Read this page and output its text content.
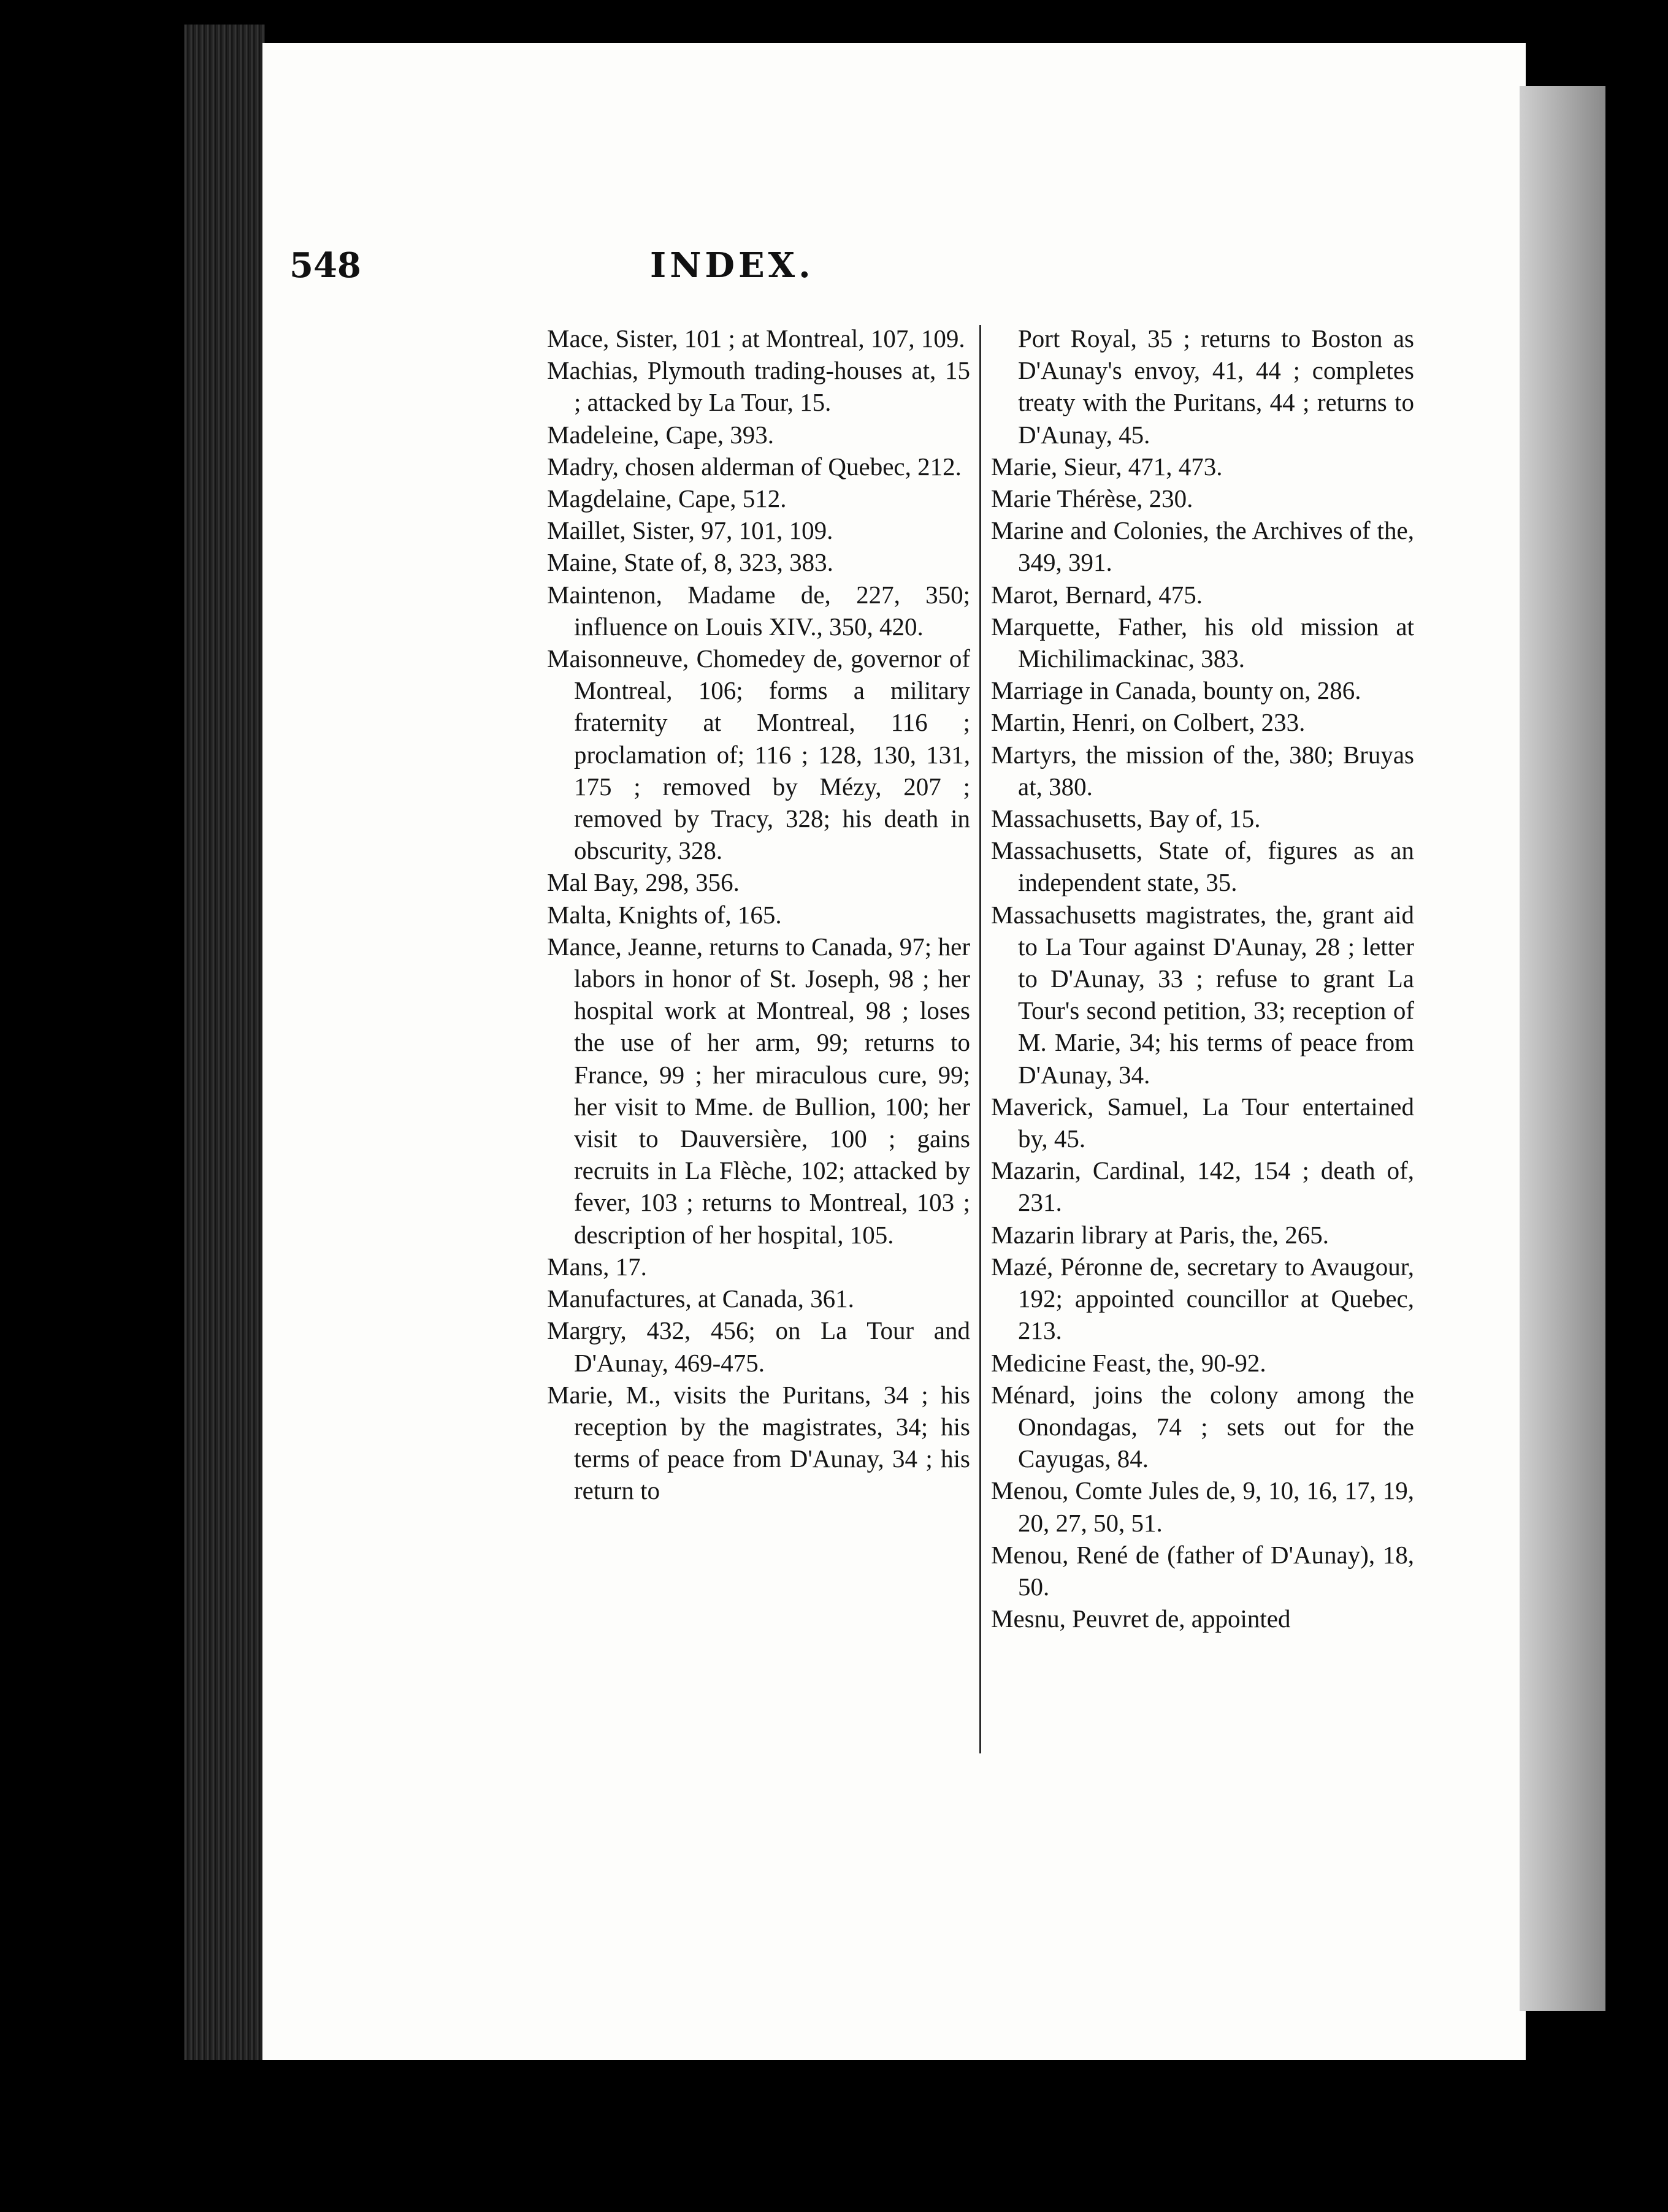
548	INDEX.

Mace, Sister, 101 ; at Montreal, 107, 109.

Machias, Plymouth trading-houses at, 15 ; attacked by La Tour, 15.

Madeleine, Cape, 393.

Madry, chosen alderman of Quebec, 212.

Magdelaine, Cape, 512.

Maillet, Sister, 97, 101, 109.

Maine, State of, 8, 323, 383.

Maintenon, Madame de, 227, 350; influence on Louis XIV., 350, 420.

Maisonneuve, Chomedey de, governor of Montreal, 106; forms a military fraternity at Montreal, 116 ; proclamation of; 116 ; 128, 130, 131, 175 ; removed by Mézy, 207 ; removed by Tracy, 328; his death in obscurity, 328.

Mal Bay, 298, 356.

Malta, Knights of, 165.

Mance, Jeanne, returns to Canada, 97; her labors in honor of St. Joseph, 98 ; her hospital work at Montreal, 98 ; loses the use of her arm, 99; returns to France, 99 ; her miraculous cure, 99; her visit to Mme. de Bullion, 100; her visit to Dauversière, 100 ; gains recruits in La Flèche, 102; attacked by fever, 103 ; returns to Montreal, 103 ; description of her hospital, 105.

Mans, 17.

Manufactures, at Canada, 361.

Margry, 432, 456; on La Tour and D'Aunay, 469-475.

Marie, M., visits the Puritans, 34 ; his reception by the magistrates, 34; his terms of peace from D'Aunay, 34 ; his return to

Port Royal, 35 ; returns to Boston as D'Aunay's envoy, 41, 44 ; completes treaty with the Puritans, 44 ; returns to D'Aunay, 45.

Marie, Sieur, 471, 473.

Marie Thérèse, 230.

Marine and Colonies, the Archives of the, 349, 391.

Marot, Bernard, 475.

Marquette, Father, his old mission at Michilimackinac, 383.

Marriage in Canada, bounty on, 286.

Martin, Henri, on Colbert, 233.

Martyrs, the mission of the, 380; Bruyas at, 380.

Massachusetts, Bay of, 15.

Massachusetts, State of, figures as an independent state, 35.

Massachusetts magistrates, the, grant aid to La Tour against D'Aunay, 28 ; letter to D'Aunay, 33 ; refuse to grant La Tour's second petition, 33; reception of M. Marie, 34; his terms of peace from D'Aunay, 34.

Maverick, Samuel, La Tour entertained by, 45.

Mazarin, Cardinal, 142, 154 ; death of, 231.

Mazarin library at Paris, the, 265.

Mazé, Péronne de, secretary to Avaugour, 192; appointed councillor at Quebec, 213.

Medicine Feast, the, 90-92.

Ménard, joins the colony among the Onondagas, 74 ; sets out for the Cayugas, 84.

Menou, Comte Jules de, 9, 10, 16, 17, 19, 20, 27, 50, 51.

Menou, René de (father of D'Aunay), 18, 50.

Mesnu, Peuvret de, appointed
